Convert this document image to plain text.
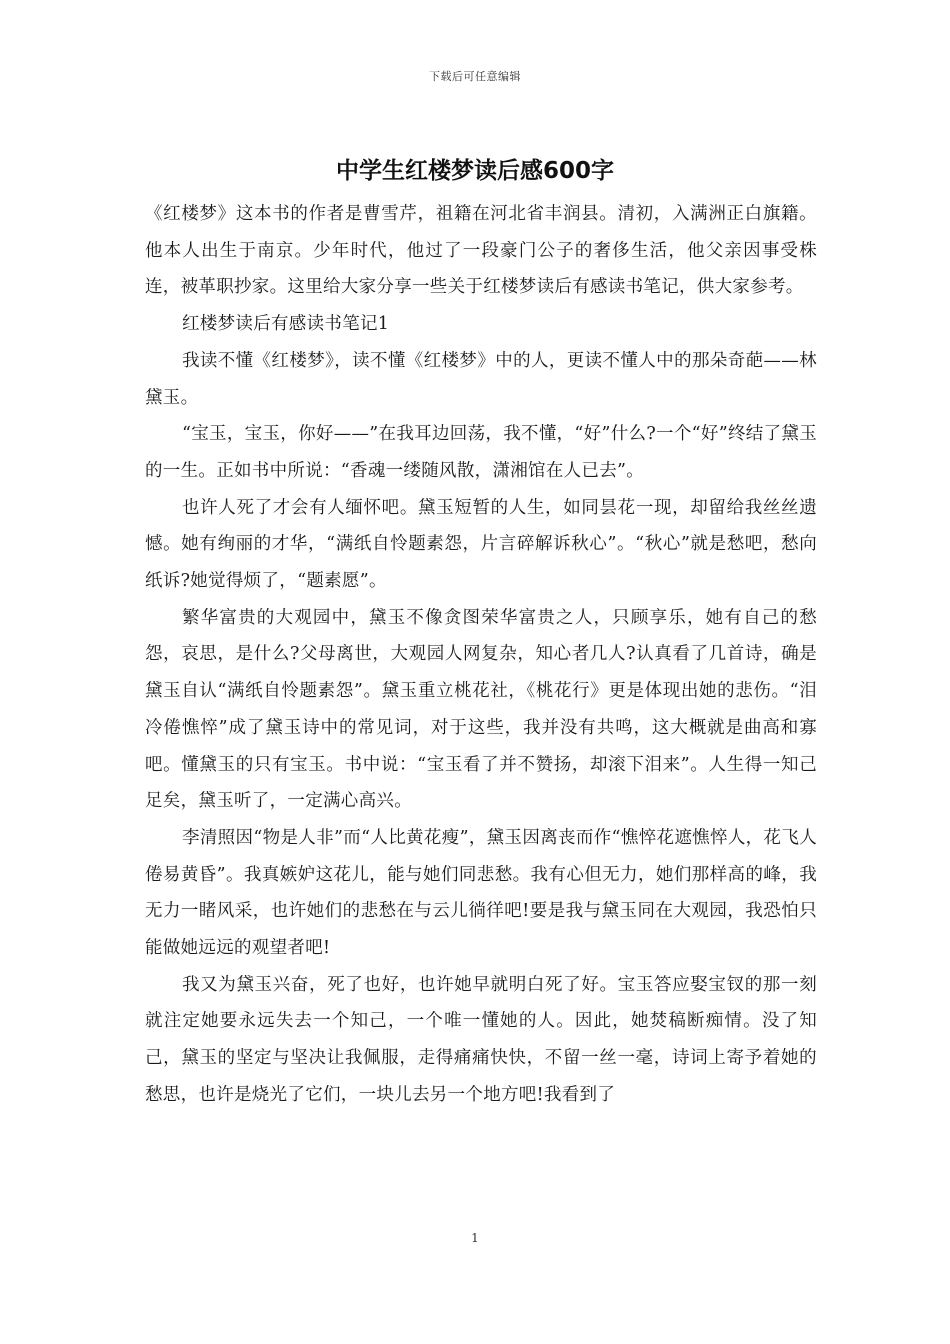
下载后可任意编辑
中学生红楼梦读后感600字

《红楼梦》这本书的作者是曹雪芹，祖籍在河北省丰润县。清初，入满洲正白旗籍。他本人出生于南京。少年时代，他过了一段豪门公子的奢侈生活，他父亲因事受株连，被革职抄家。这里给大家分享一些关于红楼梦读后有感读书笔记，供大家参考。

红楼梦读后有感读书笔记1

我读不懂《红楼梦》，读不懂《红楼梦》中的人，更读不懂人中的那朵奇葩——林黛玉。

“宝玉，宝玉，你好——”在我耳边回荡，我不懂，“好”什么?一个“好”终结了黛玉的一生。正如书中所说：“香魂一缕随风散，潇湘馆在人已去”。

也许人死了才会有人缅怀吧。黛玉短暂的人生，如同昙花一现，却留给我丝丝遗憾。她有绚丽的才华，“满纸自怜题素怨，片言碎解诉秋心”。“秋心”就是愁吧，愁向纸诉?她觉得烦了，“题素愿”。

繁华富贵的大观园中，黛玉不像贪图荣华富贵之人，只顾享乐，她有自己的愁怨，哀思，是什么?父母离世，大观园人网复杂，知心者几人?认真看了几首诗，确是黛玉自认“满纸自怜题素怨”。黛玉重立桃花社，《桃花行》更是体现出她的悲伤。“泪冷倦憔悴”成了黛玉诗中的常见词，对于这些，我并没有共鸣，这大概就是曲高和寡吧。懂黛玉的只有宝玉。书中说：“宝玉看了并不赞扬，却滚下泪来”。人生得一知己足矣，黛玉听了，一定满心高兴。

李清照因“物是人非”而“人比黄花瘦”，黛玉因离丧而作“憔悴花遮憔悴人，花飞人倦易黄昏”。我真嫉妒这花儿，能与她们同悲愁。我有心但无力，她们那样高的峰，我无力一睹风采，也许她们的悲愁在与云儿徜徉吧!要是我与黛玉同在大观园，我恐怕只能做她远远的观望者吧!

我又为黛玉兴奋，死了也好，也许她早就明白死了好。宝玉答应娶宝钗的那一刻就注定她要永远失去一个知己，一个唯一懂她的人。因此，她焚稿断痴情。没了知己，黛玉的坚定与坚决让我佩服，走得痛痛快快，不留一丝一毫，诗词上寄予着她的愁思，也许是烧光了它们，一块儿去另一个地方吧!我看到了

1
